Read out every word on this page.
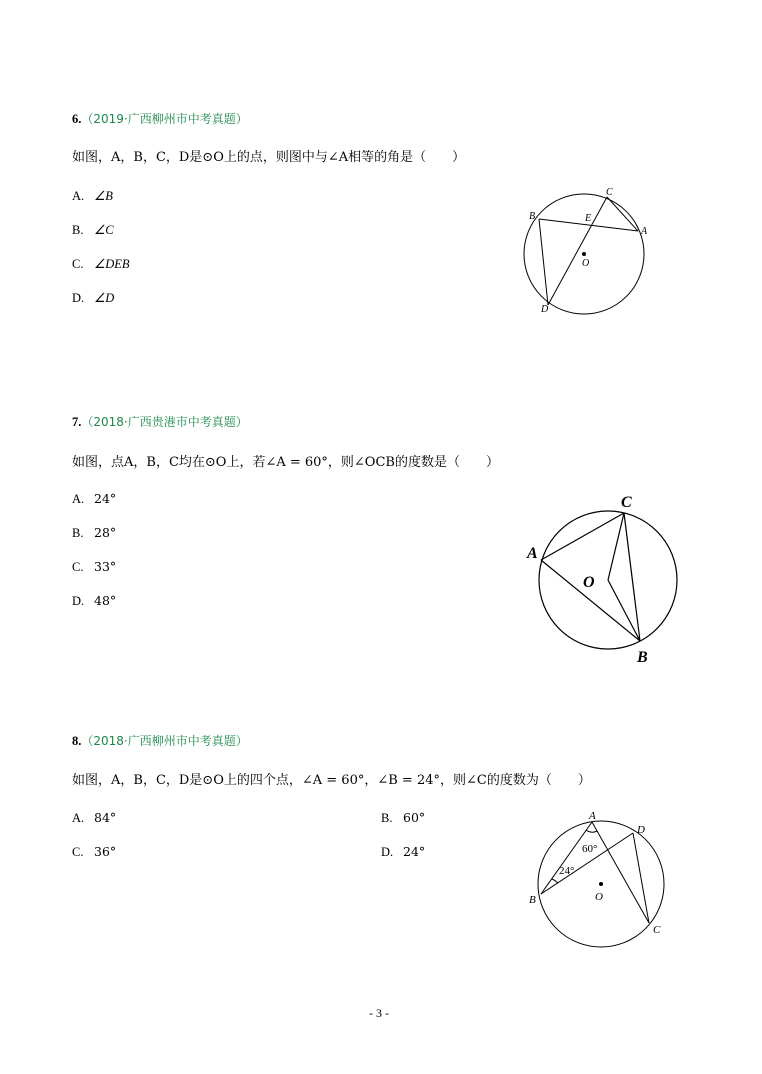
6.（2019·广西柳州市中考真题）
如图，A，B，C，D是⊙O上的点，则图中与∠A相等的角是（　　）
A. ∠B
B. ∠C
C. ∠DEB
D. ∠D
B
C
E
A
O
D
7.（2018·广西贵港市中考真题）
如图，点A，B，C均在⊙O上，若∠A = 60°，则∠OCB的度数是（　　）
A. 24°
B. 28°
C. 33°
D. 48°
C
A
O
B
8.（2018·广西柳州市中考真题）
如图，A，B，C，D是⊙O上的四个点，∠A = 60°，∠B = 24°，则∠C的度数为（　　）
A. 84°	B. 60°
C. 36°	D. 24°
A
D
60°
24°
O
B
C
- 3 -
